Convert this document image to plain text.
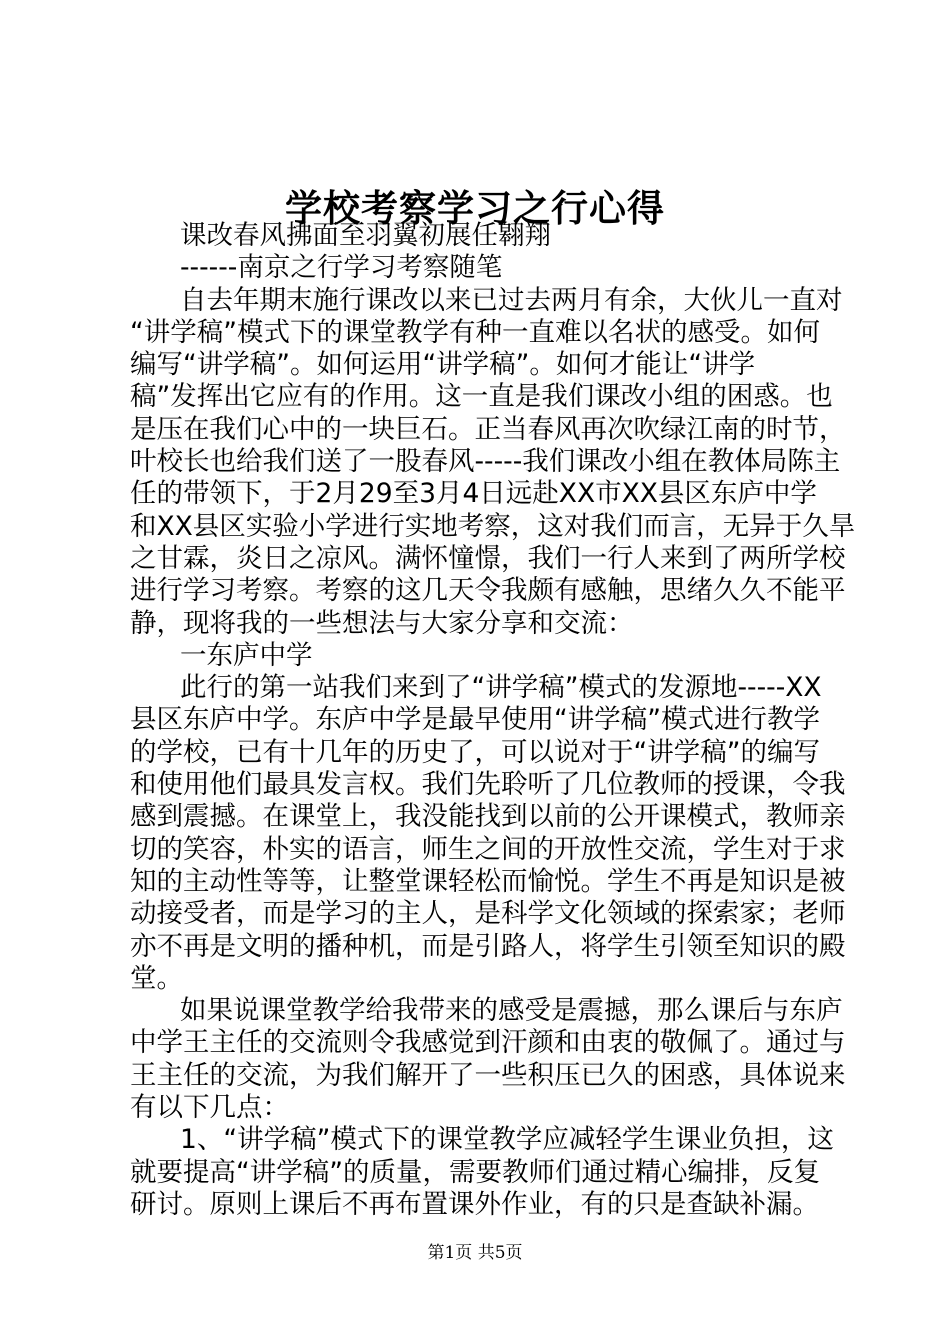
学校考察学习之行心得
课改春风拂面至羽翼初展任翱翔
------南京之行学习考察随笔
自去年期末施行课改以来已过去两月有余，大伙儿一直对
“讲学稿”模式下的课堂教学有种一直难以名状的感受。如何
编写“讲学稿”。如何运用“讲学稿”。如何才能让“讲学
稿”发挥出它应有的作用。这一直是我们课改小组的困惑。也
是压在我们心中的一块巨石。正当春风再次吹绿江南的时节，
叶校长也给我们送了一股春风-----我们课改小组在教体局陈主
任的带领下，于2月29至3月4日远赴XX市XX县区东庐中学
和XX县区实验小学进行实地考察，这对我们而言，无异于久旱
之甘霖，炎日之凉风。满怀憧憬，我们一行人来到了两所学校
进行学习考察。考察的这几天令我颇有感触，思绪久久不能平
静，现将我的一些想法与大家分享和交流：
一东庐中学
此行的第一站我们来到了“讲学稿”模式的发源地-----XX
县区东庐中学。东庐中学是最早使用“讲学稿”模式进行教学
的学校，已有十几年的历史了，可以说对于“讲学稿”的编写
和使用他们最具发言权。我们先聆听了几位教师的授课，令我
感到震撼。在课堂上，我没能找到以前的公开课模式，教师亲
切的笑容，朴实的语言，师生之间的开放性交流，学生对于求
知的主动性等等，让整堂课轻松而愉悦。学生不再是知识是被
动接受者，而是学习的主人，是科学文化领域的探索家；老师
亦不再是文明的播种机，而是引路人，将学生引领至知识的殿
堂。
如果说课堂教学给我带来的感受是震撼，那么课后与东庐
中学王主任的交流则令我感觉到汗颜和由衷的敬佩了。通过与
王主任的交流，为我们解开了一些积压已久的困惑，具体说来
有以下几点：
1、“讲学稿”模式下的课堂教学应减轻学生课业负担，这
就要提高“讲学稿”的质量，需要教师们通过精心编排，反复
研讨。原则上课后不再布置课外作业，有的只是查缺补漏。
第1页 共5页
